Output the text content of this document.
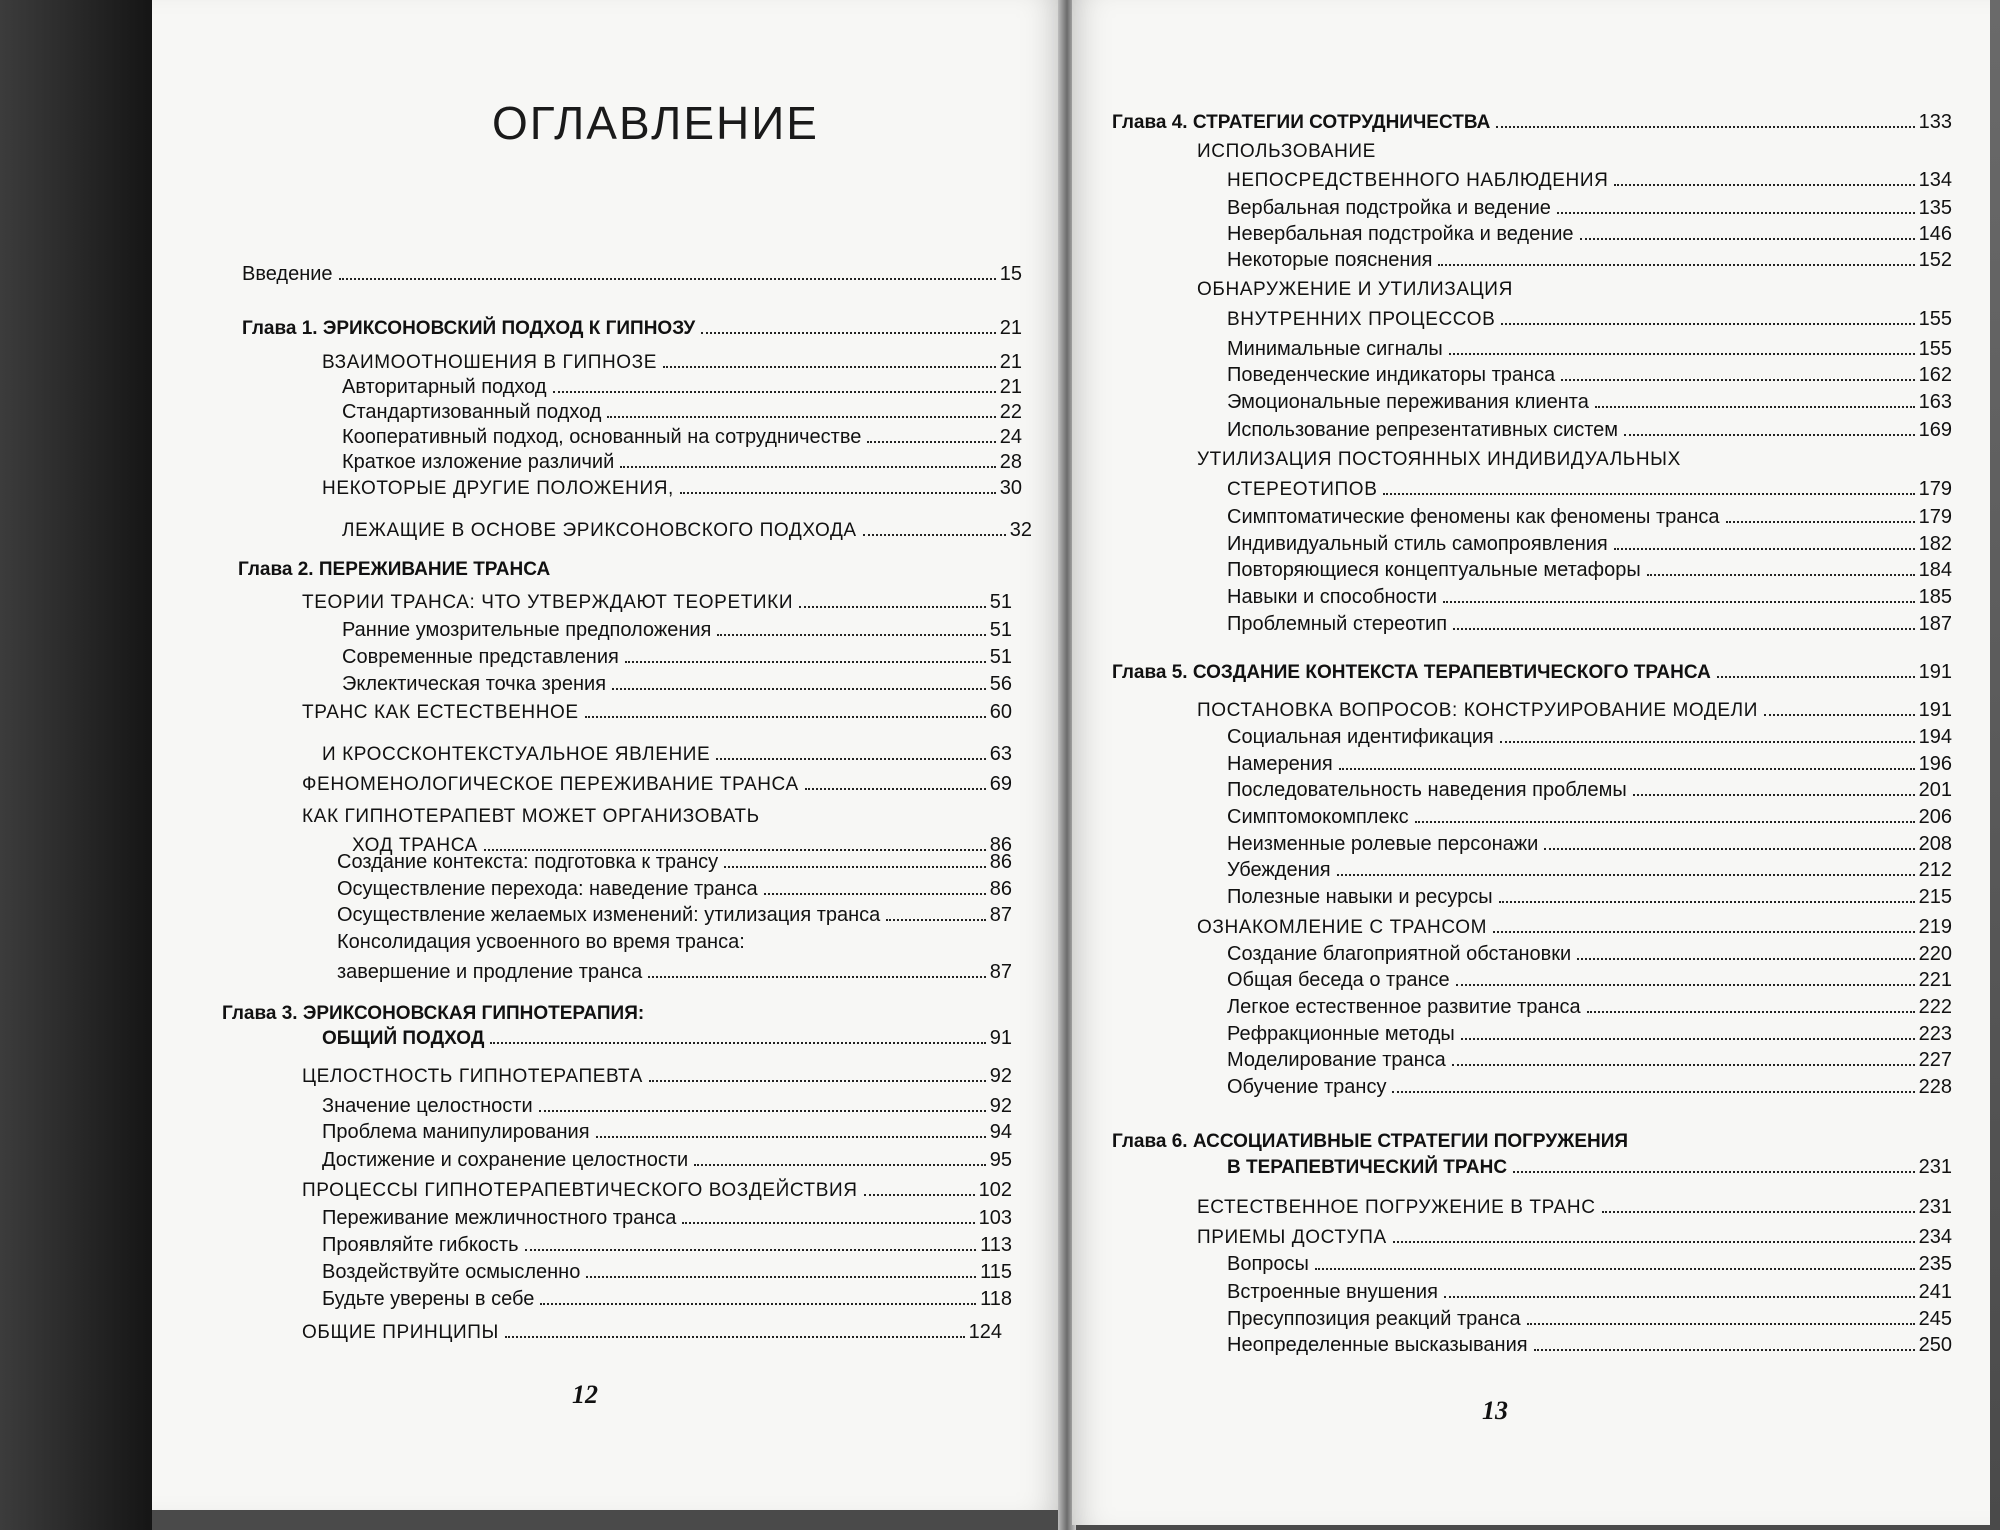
ОГЛАВЛЕНИЕ
Введение	15
Глава 1. ЭРИКСОНОВСКИЙ ПОДХОД К ГИПНОЗУ	21
ВЗАИМООТНОШЕНИЯ В ГИПНОЗЕ	21
Авторитарный подход	21
Стандартизованный подход	22
Кооперативный подход, основанный на сотрудничестве	24
Краткое изложение различий	28
НЕКОТОРЫЕ ДРУГИЕ ПОЛОЖЕНИЯ,	30
ЛЕЖАЩИЕ В ОСНОВЕ ЭРИКСОНОВСКОГО ПОДХОДА	32
Глава 2. ПЕРЕЖИВАНИЕ ТРАНСА
ТЕОРИИ ТРАНСА: ЧТО УТВЕРЖДАЮТ ТЕОРЕТИКИ	51
Ранние умозрительные предположения	51
Современные представления	51
Эклектическая точка зрения	56
ТРАНС КАК ЕСТЕСТВЕННОЕ	60
И КРОССКОНТЕКСТУАЛЬНОЕ ЯВЛЕНИЕ	63
ФЕНОМЕНОЛОГИЧЕСКОЕ ПЕРЕЖИВАНИЕ ТРАНСА	69
КАК ГИПНОТЕРАПЕВТ МОЖЕТ ОРГАНИЗОВАТЬ
ХОД ТРАНСА	86
Создание контекста: подготовка к трансу	86
Осуществление перехода: наведение транса	86
Осуществление желаемых изменений: утилизация транса	87
Консолидация усвоенного во время транса:
завершение и продление транса	87
Глава 3. ЭРИКСОНОВСКАЯ ГИПНОТЕРАПИЯ:
ОБЩИЙ ПОДХОД	91
ЦЕЛОСТНОСТЬ ГИПНОТЕРАПЕВТА	92
Значение целостности	92
Проблема манипулирования	94
Достижение и сохранение целостности	95
ПРОЦЕССЫ ГИПНОТЕРАПЕВТИЧЕСКОГО ВОЗДЕЙСТВИЯ	102
Переживание межличностного транса	103
Проявляйте гибкость	113
Воздействуйте осмысленно	115
Будьте уверены в себе	118
ОБЩИЕ ПРИНЦИПЫ	124
12
Глава 4. СТРАТЕГИИ СОТРУДНИЧЕСТВА	133
ИСПОЛЬЗОВАНИЕ
НЕПОСРЕДСТВЕННОГО НАБЛЮДЕНИЯ	134
Вербальная подстройка и ведение	135
Невербальная подстройка и ведение	146
Некоторые пояснения	152
ОБНАРУЖЕНИЕ И УТИЛИЗАЦИЯ
ВНУТРЕННИХ ПРОЦЕССОВ	155
Минимальные сигналы	155
Поведенческие индикаторы транса	162
Эмоциональные переживания клиента	163
Использование репрезентативных систем	169
УТИЛИЗАЦИЯ ПОСТОЯННЫХ ИНДИВИДУАЛЬНЫХ
СТЕРЕОТИПОВ	179
Симптоматические феномены как феномены транса	179
Индивидуальный стиль самопроявления	182
Повторяющиеся концептуальные метафоры	184
Навыки и способности	185
Проблемный стереотип	187
Глава 5. СОЗДАНИЕ КОНТЕКСТА ТЕРАПЕВТИЧЕСКОГО ТРАНСА	191
ПОСТАНОВКА ВОПРОСОВ: КОНСТРУИРОВАНИЕ МОДЕЛИ	191
Социальная идентификация	194
Намерения	196
Последовательность наведения проблемы	201
Симптомокомплекс	206
Неизменные ролевые персонажи	208
Убеждения	212
Полезные навыки и ресурсы	215
ОЗНАКОМЛЕНИЕ С ТРАНСОМ	219
Создание благоприятной обстановки	220
Общая беседа о трансе	221
Легкое естественное развитие транса	222
Рефракционные методы	223
Моделирование транса	227
Обучение трансу	228
Глава 6. АССОЦИАТИВНЫЕ СТРАТЕГИИ ПОГРУЖЕНИЯ
В ТЕРАПЕВТИЧЕСКИЙ ТРАНС	231
ЕСТЕСТВЕННОЕ ПОГРУЖЕНИЕ В ТРАНС	231
ПРИЕМЫ ДОСТУПА	234
Вопросы	235
Встроенные внушения	241
Пресуппозиция реакций транса	245
Неопределенные высказывания	250
13
